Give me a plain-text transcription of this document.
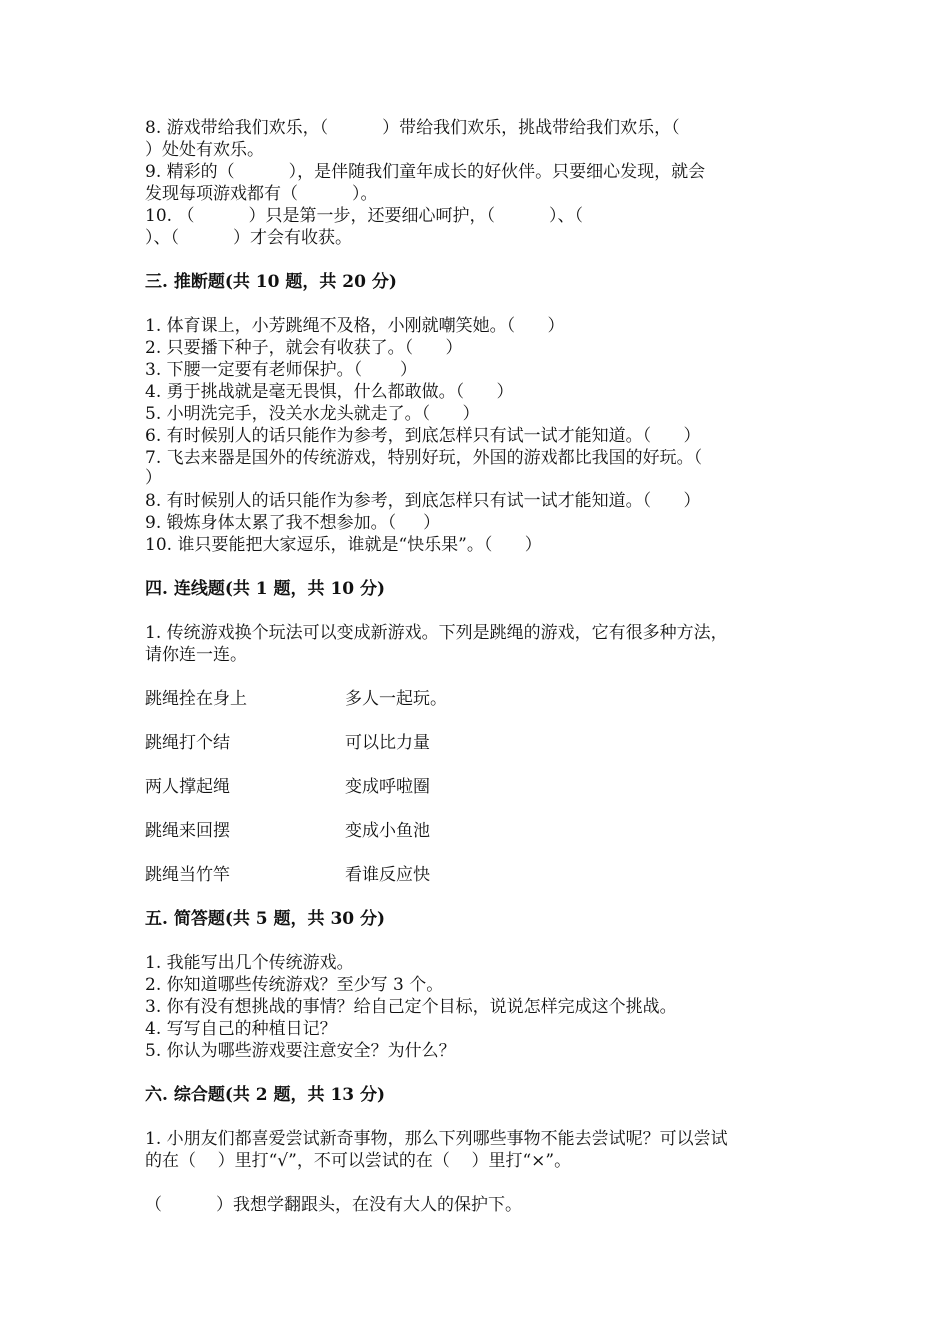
8. 游戏带给我们欢乐，（          ）带给我们欢乐，挑战带给我们欢乐，（

）处处有欢乐。

9. 精彩的（          ），是伴随我们童年成长的好伙伴。只要细心发现，就会

发现每项游戏都有（          ）。

10. （          ）只是第一步，还要细心呵护，（          ）、（

）、（          ）才会有收获。

三. 推断题(共 10 题，共 20 分)

1. 体育课上，小芳跳绳不及格，小刚就嘲笑她。（      ）

2. 只要播下种子，就会有收获了。（      ）

3. 下腰一定要有老师保护。（       ）

4. 勇于挑战就是毫无畏惧，什么都敢做。（      ）

5. 小明洗完手，没关水龙头就走了。（      ）

6. 有时候别人的话只能作为参考，到底怎样只有试一试才能知道。（      ）

7. 飞去来器是国外的传统游戏，特别好玩，外国的游戏都比我国的好玩。（

）

8. 有时候别人的话只能作为参考，到底怎样只有试一试才能知道。（      ）

9. 锻炼身体太累了我不想参加。（     ）

10. 谁只要能把大家逗乐，谁就是“快乐果”。（      ）

四. 连线题(共 1 题，共 10 分)

1. 传统游戏换个玩法可以变成新游戏。下列是跳绳的游戏，它有很多种方法，

请你连一连。

跳绳拴在身上	多人一起玩。
跳绳打个结	可以比力量
两人撑起绳	变成呼啦圈
跳绳来回摆	变成小鱼池
跳绳当竹竿	看谁反应快

五. 简答题(共 5 题，共 30 分)

1. 我能写出几个传统游戏。

2. 你知道哪些传统游戏？至少写 3 个。

3. 你有没有想挑战的事情？给自己定个目标，说说怎样完成这个挑战。

4. 写写自己的种植日记？

5. 你认为哪些游戏要注意安全？为什么？

六. 综合题(共 2 题，共 13 分)

1. 小朋友们都喜爱尝试新奇事物，那么下列哪些事物不能去尝试呢？可以尝试

的在（    ）里打“√”，不可以尝试的在（    ）里打“×”。

（          ）我想学翻跟头，在没有大人的保护下。
